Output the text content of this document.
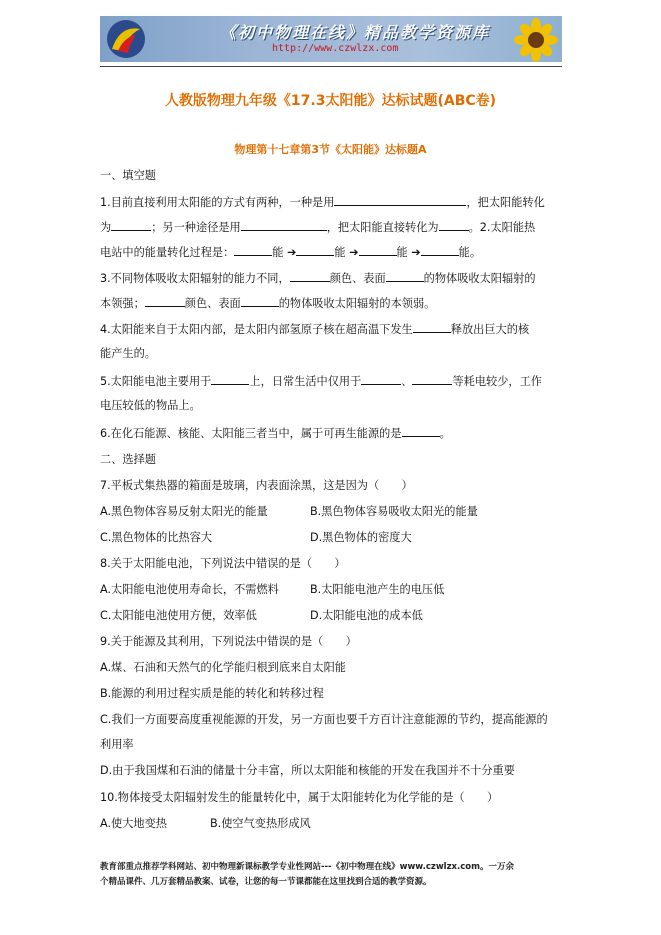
《初中物理在线》精品教学资源库
http://www.czwlzx.com
人教版物理九年级《17.3太阳能》达标试题(ABC卷)
物理第十七章第3节《太阳能》达标题A
一、填空题
1.目前直接利用太阳能的方式有两种，一种是用	，把太阳能转化
为	；另一种途径是用	，把太阳能直接转化为	。2.太阳能热
电站中的能量转化过程是：	能 ➔	能 ➔	能 ➔	能。
3.不同物体吸收太阳辐射的能力不同，	颜色、表面	的物体吸收太阳辐射的
本领强；	颜色、表面	的物体吸收太阳辐射的本领弱。
4.太阳能来自于太阳内部，是太阳内部氢原子核在超高温下发生	释放出巨大的核
能产生的。
5.太阳能电池主要用于	上，日常生活中仅用于	、	等耗电较少，工作
电压较低的物品上。
6.在化石能源、核能、太阳能三者当中，属于可再生能源的是	。
二、选择题
7.平板式集热器的箱面是玻璃，内表面涂黑，这是因为（　　）
A.黑色物体容易反射太阳光的能量	B.黑色物体容易吸收太阳光的能量
C.黑色物体的比热容大	D.黑色物体的密度大
8.关于太阳能电池，下列说法中错误的是（　　）
A.太阳能电池使用寿命长，不需燃料	B.太阳能电池产生的电压低
C.太阳能电池使用方便，效率低	D.太阳能电池的成本低
9.关于能源及其利用，下列说法中错误的是（　　）
A.煤、石油和天然气的化学能归根到底来自太阳能
B.能源的利用过程实质是能的转化和转移过程
C.我们一方面要高度重视能源的开发，另一方面也要千方百计注意能源的节约，提高能源的
利用率
D.由于我国煤和石油的储量十分丰富，所以太阳能和核能的开发在我国并不十分重要
10.物体接受太阳辐射发生的能量转化中，属于太阳能转化为化学能的是（　　）
A.使大地变热	B.使空气变热形成风
教育部重点推荐学科网站、初中物理新课标教学专业性网站---《初中物理在线》www.czwlzx.com。一万余
个精品课件、几万套精品教案、试卷，让您的每一节课都能在这里找到合适的教学资源。
